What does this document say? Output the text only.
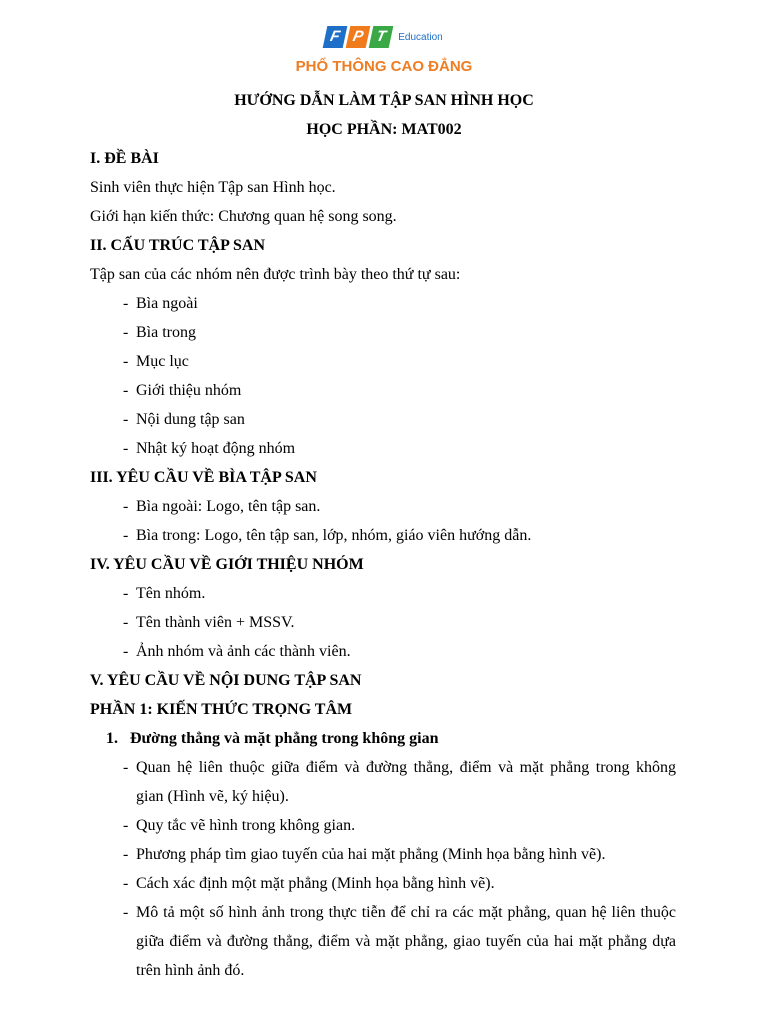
F P T	Education
PHỔ THÔNG CAO ĐẲNG
HƯỚNG DẪN LÀM TẬP SAN HÌNH HỌC
HỌC PHẦN: MAT002
I. ĐỀ BÀI
Sinh viên thực hiện Tập san Hình học.
Giới hạn kiến thức: Chương quan hệ song song.
II. CẤU TRÚC TẬP SAN
Tập san của các nhóm nên được trình bày theo thứ tự sau:
- Bìa ngoài
- Bìa trong
- Mục lục
- Giới thiệu nhóm
- Nội dung tập san
- Nhật ký hoạt động nhóm
III. YÊU CẦU VỀ BÌA TẬP SAN
- Bìa ngoài: Logo, tên tập san.
- Bìa trong: Logo, tên tập san, lớp, nhóm, giáo viên hướng dẫn.
IV. YÊU CẦU VỀ GIỚI THIỆU NHÓM
- Tên nhóm.
- Tên thành viên + MSSV.
- Ảnh nhóm và ảnh các thành viên.
V. YÊU CẦU VỀ NỘI DUNG TẬP SAN
PHẦN 1: KIẾN THỨC TRỌNG TÂM
1. Đường thẳng và mặt phẳng trong không gian
- Quan hệ liên thuộc giữa điểm và đường thẳng, điểm và mặt phẳng trong không
gian (Hình vẽ, ký hiệu).
- Quy tắc vẽ hình trong không gian.
- Phương pháp tìm giao tuyến của hai mặt phẳng (Minh họa bằng hình vẽ).
- Cách xác định một mặt phẳng (Minh họa bằng hình vẽ).
- Mô tả một số hình ảnh trong thực tiễn để chỉ ra các mặt phẳng, quan hệ liên thuộc
giữa điểm và đường thẳng, điểm và mặt phẳng, giao tuyến của hai mặt phẳng dựa
trên hình ảnh đó.
